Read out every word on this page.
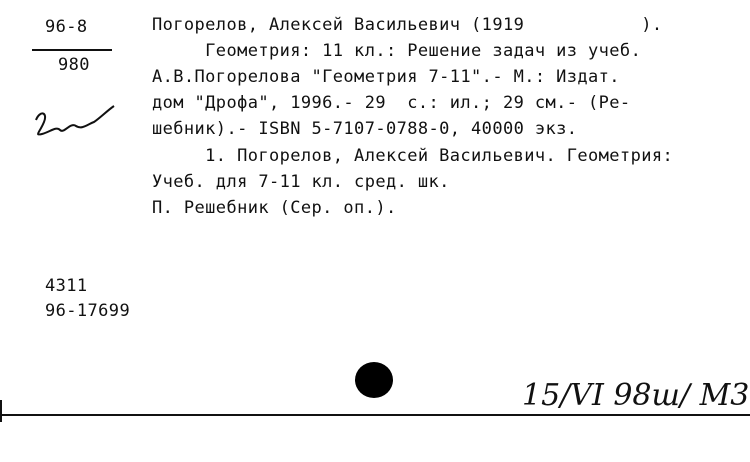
96-8
980
Погорелов, Алексей Васильевич (1919           ).
Геометрия: 11 кл.: Решение задач из учеб.
А.В.Погорелова "Геометрия 7-11".- М.: Издат.
дом "Дрофа", 1996.- 29  с.: ил.; 29 см.- (Ре-
шебник).- ISBN 5-7107-0788-0, 40000 экз.
1. Погорелов, Алексей Васильевич. Геометрия:
Учеб. для 7-11 кл. сред. шк.
П. Решебник (Сер. оп.).
4311
96-17699
15/VI 98ш/ М3
